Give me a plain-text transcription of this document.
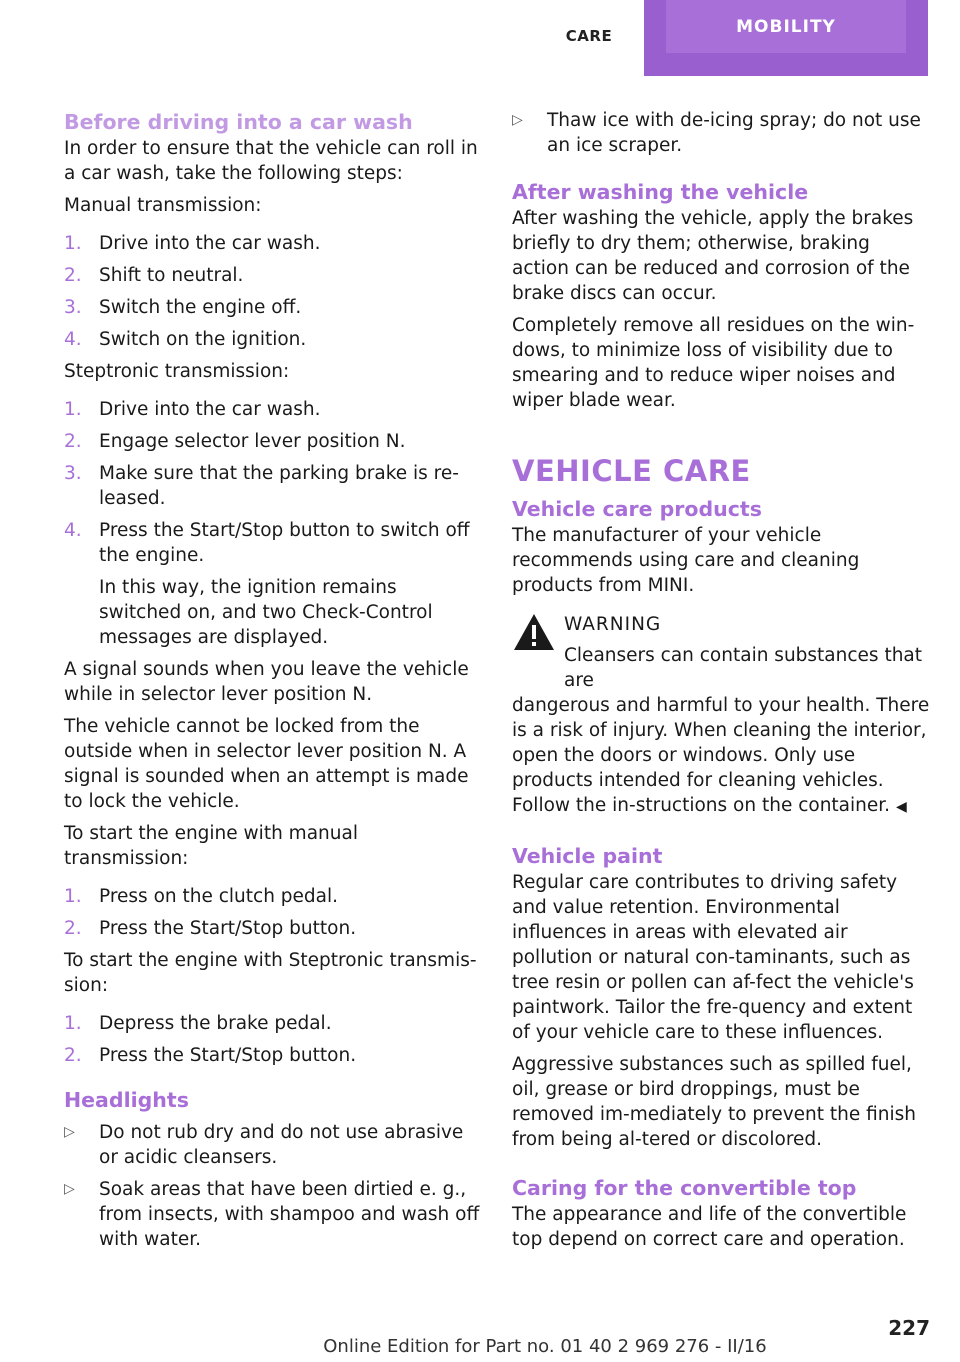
CARE	MOBILITY
Before driving into a car wash

In order to ensure that the vehicle can roll in a car wash, take the following steps:

Manual transmission:

1. Drive into the car wash.
2. Shift to neutral.
3. Switch the engine off.
4. Switch on the ignition.

Steptronic transmission:

1. Drive into the car wash.
2. Engage selector lever position N.
3. Make sure that the parking brake is re-leased.
4. Press the Start/Stop button to switch off the engine.
In this way, the ignition remains switched on, and two Check-Control messages are displayed.

A signal sounds when you leave the vehicle while in selector lever position N.

The vehicle cannot be locked from the outside when in selector lever position N. A signal is sounded when an attempt is made to lock the vehicle.

To start the engine with manual transmission:

1. Press on the clutch pedal.
2. Press the Start/Stop button.

To start the engine with Steptronic transmis-sion:

1. Depress the brake pedal.
2. Press the Start/Stop button.
Headlights
▷ Do not rub dry and do not use abrasive or acidic cleansers.
▷ Soak areas that have been dirtied e. g., from insects, with shampoo and wash off with water.
▷ Thaw ice with de-icing spray; do not use an ice scraper.
After washing the vehicle

After washing the vehicle, apply the brakes briefly to dry them; otherwise, braking action can be reduced and corrosion of the brake discs can occur.

Completely remove all residues on the win-dows, to minimize loss of visibility due to smearing and to reduce wiper noises and wiper blade wear.

VEHICLE CARE
Vehicle care products

The manufacturer of your vehicle recommends using care and cleaning products from MINI.

WARNING
Cleansers can contain substances that are
dangerous and harmful to your health. There is a risk of injury. When cleaning the interior, open the doors or windows. Only use products intended for cleaning vehicles. Follow the in-structions on the container. ◀
Vehicle paint

Regular care contributes to driving safety and value retention. Environmental influences in areas with elevated air pollution or natural con-taminants, such as tree resin or pollen can af-fect the vehicle's paintwork. Tailor the fre-quency and extent of your vehicle care to these influences.

Aggressive substances such as spilled fuel, oil, grease or bird droppings, must be removed im-mediately to prevent the finish from being al-tered or discolored.

Caring for the convertible top

The appearance and life of the convertible top depend on correct care and operation.

227
Online Edition for Part no. 01 40 2 969 276 - II/16
